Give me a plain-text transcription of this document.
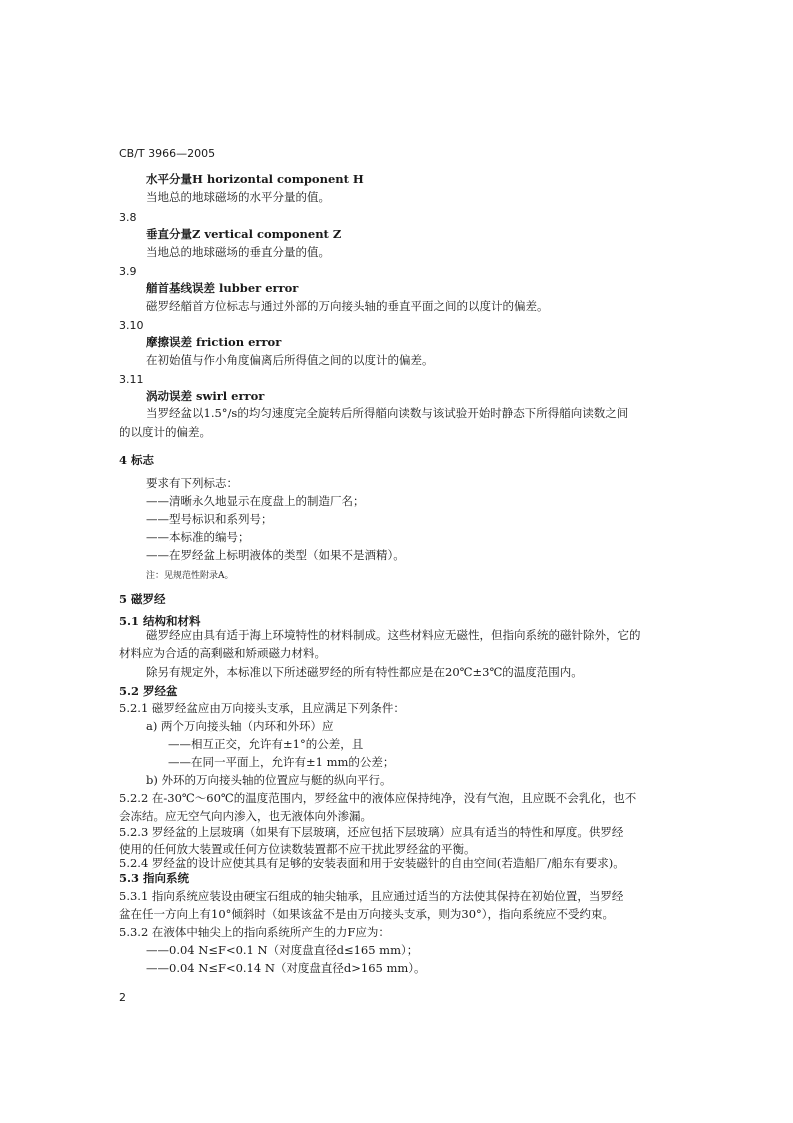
CB/T 3966—2005
水平分量H horizontal component H
当地总的地球磁场的水平分量的值。
3.8
垂直分量Z vertical component Z
当地总的地球磁场的垂直分量的值。
3.9
艏首基线误差 lubber error
磁罗经艏首方位标志与通过外部的万向接头轴的垂直平面之间的以度计的偏差。
3.10
摩擦误差 friction error
在初始值与作小角度偏离后所得值之间的以度计的偏差。
3.11
涡动误差 swirl error
当罗经盆以1.5°/s的均匀速度完全旋转后所得艏向读数与该试验开始时静态下所得艏向读数之间
的以度计的偏差。
4 标志
要求有下列标志：
——清晰永久地显示在度盘上的制造厂名；
——型号标识和系列号；
——本标准的编号；
——在罗经盆上标明液体的类型（如果不是酒精）。
注：见规范性附录A。
5 磁罗经
5.1 结构和材料
磁罗经应由具有适于海上环境特性的材料制成。这些材料应无磁性，但指向系统的磁针除外，它的
材料应为合适的高剩磁和矫顽磁力材料。
除另有规定外，本标准以下所述磁罗经的所有特性都应是在20℃±3℃的温度范围内。
5.2 罗经盆
5.2.1 磁罗经盆应由万向接头支承，且应满足下列条件：
a) 两个万向接头轴（内环和外环）应
——相互正交，允许有±1°的公差，且
——在同一平面上，允许有±1 mm的公差；
b) 外环的万向接头轴的位置应与艇的纵向平行。
5.2.2 在-30℃～60℃的温度范围内，罗经盆中的液体应保持纯净，没有气泡，且应既不会乳化，也不
会冻结。应无空气向内渗入，也无液体向外渗漏。
5.2.3 罗经盆的上层玻璃（如果有下层玻璃，还应包括下层玻璃）应具有适当的特性和厚度。供罗经
使用的任何放大装置或任何方位读数装置都不应干扰此罗经盆的平衡。
5.2.4 罗经盆的设计应使其具有足够的安装表面和用于安装磁针的自由空间(若造船厂/船东有要求)。
5.3 指向系统
5.3.1 指向系统应装设由硬宝石组成的轴尖轴承，且应通过适当的方法使其保持在初始位置，当罗经
盆在任一方向上有10°倾斜时（如果该盆不是由万向接头支承，则为30°），指向系统应不受约束。
5.3.2 在液体中轴尖上的指向系统所产生的力F应为：
——0.04 N≤F<0.1 N（对度盘直径d≤165 mm）；
——0.04 N≤F<0.14 N（对度盘直径d>165 mm）。
2
